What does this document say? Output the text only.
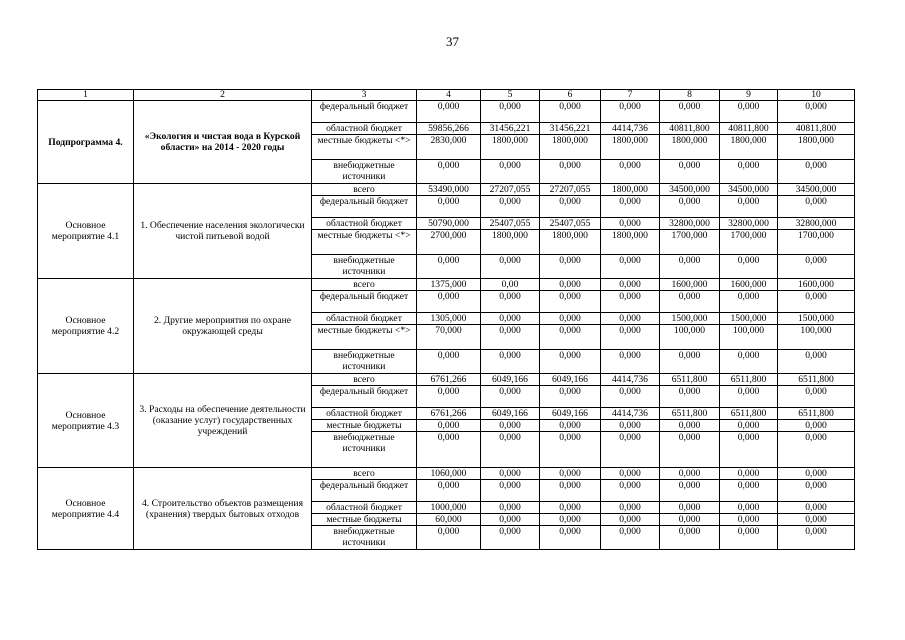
37
1	2	3	4	5	6	7	8	9	10
Подпрограмма 4.	«Экология и чистая вода в Курской области» на 2014 - 2020 годы	федеральный бюджет	0,000	0,000	0,000	0,000	0,000	0,000	0,000
		областной бюджет	59856,266	31456,221	31456,221	4414,736	40811,800	40811,800	40811,800
		местные бюджеты <*>	2830,000	1800,000	1800,000	1800,000	1800,000	1800,000	1800,000
		внебюджетные источники	0,000	0,000	0,000	0,000	0,000	0,000	0,000
Основное мероприятие 4.1	1. Обеспечение населения экологически чистой питьевой водой	всего	53490,000	27207,055	27207,055	1800,000	34500,000	34500,000	34500,000
		федеральный бюджет	0,000	0,000	0,000	0,000	0,000	0,000	0,000
		областной бюджет	50790,000	25407,055	25407,055	0,000	32800,000	32800,000	32800,000
		местные бюджеты <*>	2700,000	1800,000	1800,000	1800,000	1700,000	1700,000	1700,000
		внебюджетные источники	0,000	0,000	0,000	0,000	0,000	0,000	0,000
Основное мероприятие 4.2	2. Другие мероприятия по охране окружающей среды	всего	1375,000	0,00	0,000	0,000	1600,000	1600,000	1600,000
		федеральный бюджет	0,000	0,000	0,000	0,000	0,000	0,000	0,000
		областной бюджет	1305,000	0,000	0,000	0,000	1500,000	1500,000	1500,000
		местные бюджеты <*>	70,000	0,000	0,000	0,000	100,000	100,000	100,000
		внебюджетные источники	0,000	0,000	0,000	0,000	0,000	0,000	0,000
Основное мероприятие 4.3	3. Расходы на обеспечение деятельности (оказание услуг) государственных учреждений	всего	6761,266	6049,166	6049,166	4414,736	6511,800	6511,800	6511,800
		федеральный бюджет	0,000	0,000	0,000	0,000	0,000	0,000	0,000
		областной бюджет	6761,266	6049,166	6049,166	4414,736	6511,800	6511,800	6511,800
		местные бюджеты	0,000	0,000	0,000	0,000	0,000	0,000	0,000
		внебюджетные источники	0,000	0,000	0,000	0,000	0,000	0,000	0,000
Основное мероприятие 4.4	4. Строительство объектов размещения (хранения) твердых бытовых отходов	всего	1060,000	0,000	0,000	0,000	0,000	0,000	0,000
		федеральный бюджет	0,000	0,000	0,000	0,000	0,000	0,000	0,000
		областной бюджет	1000,000	0,000	0,000	0,000	0,000	0,000	0,000
		местные бюджеты	60,000	0,000	0,000	0,000	0,000	0,000	0,000
		внебюджетные источники	0,000	0,000	0,000	0,000	0,000	0,000	0,000
